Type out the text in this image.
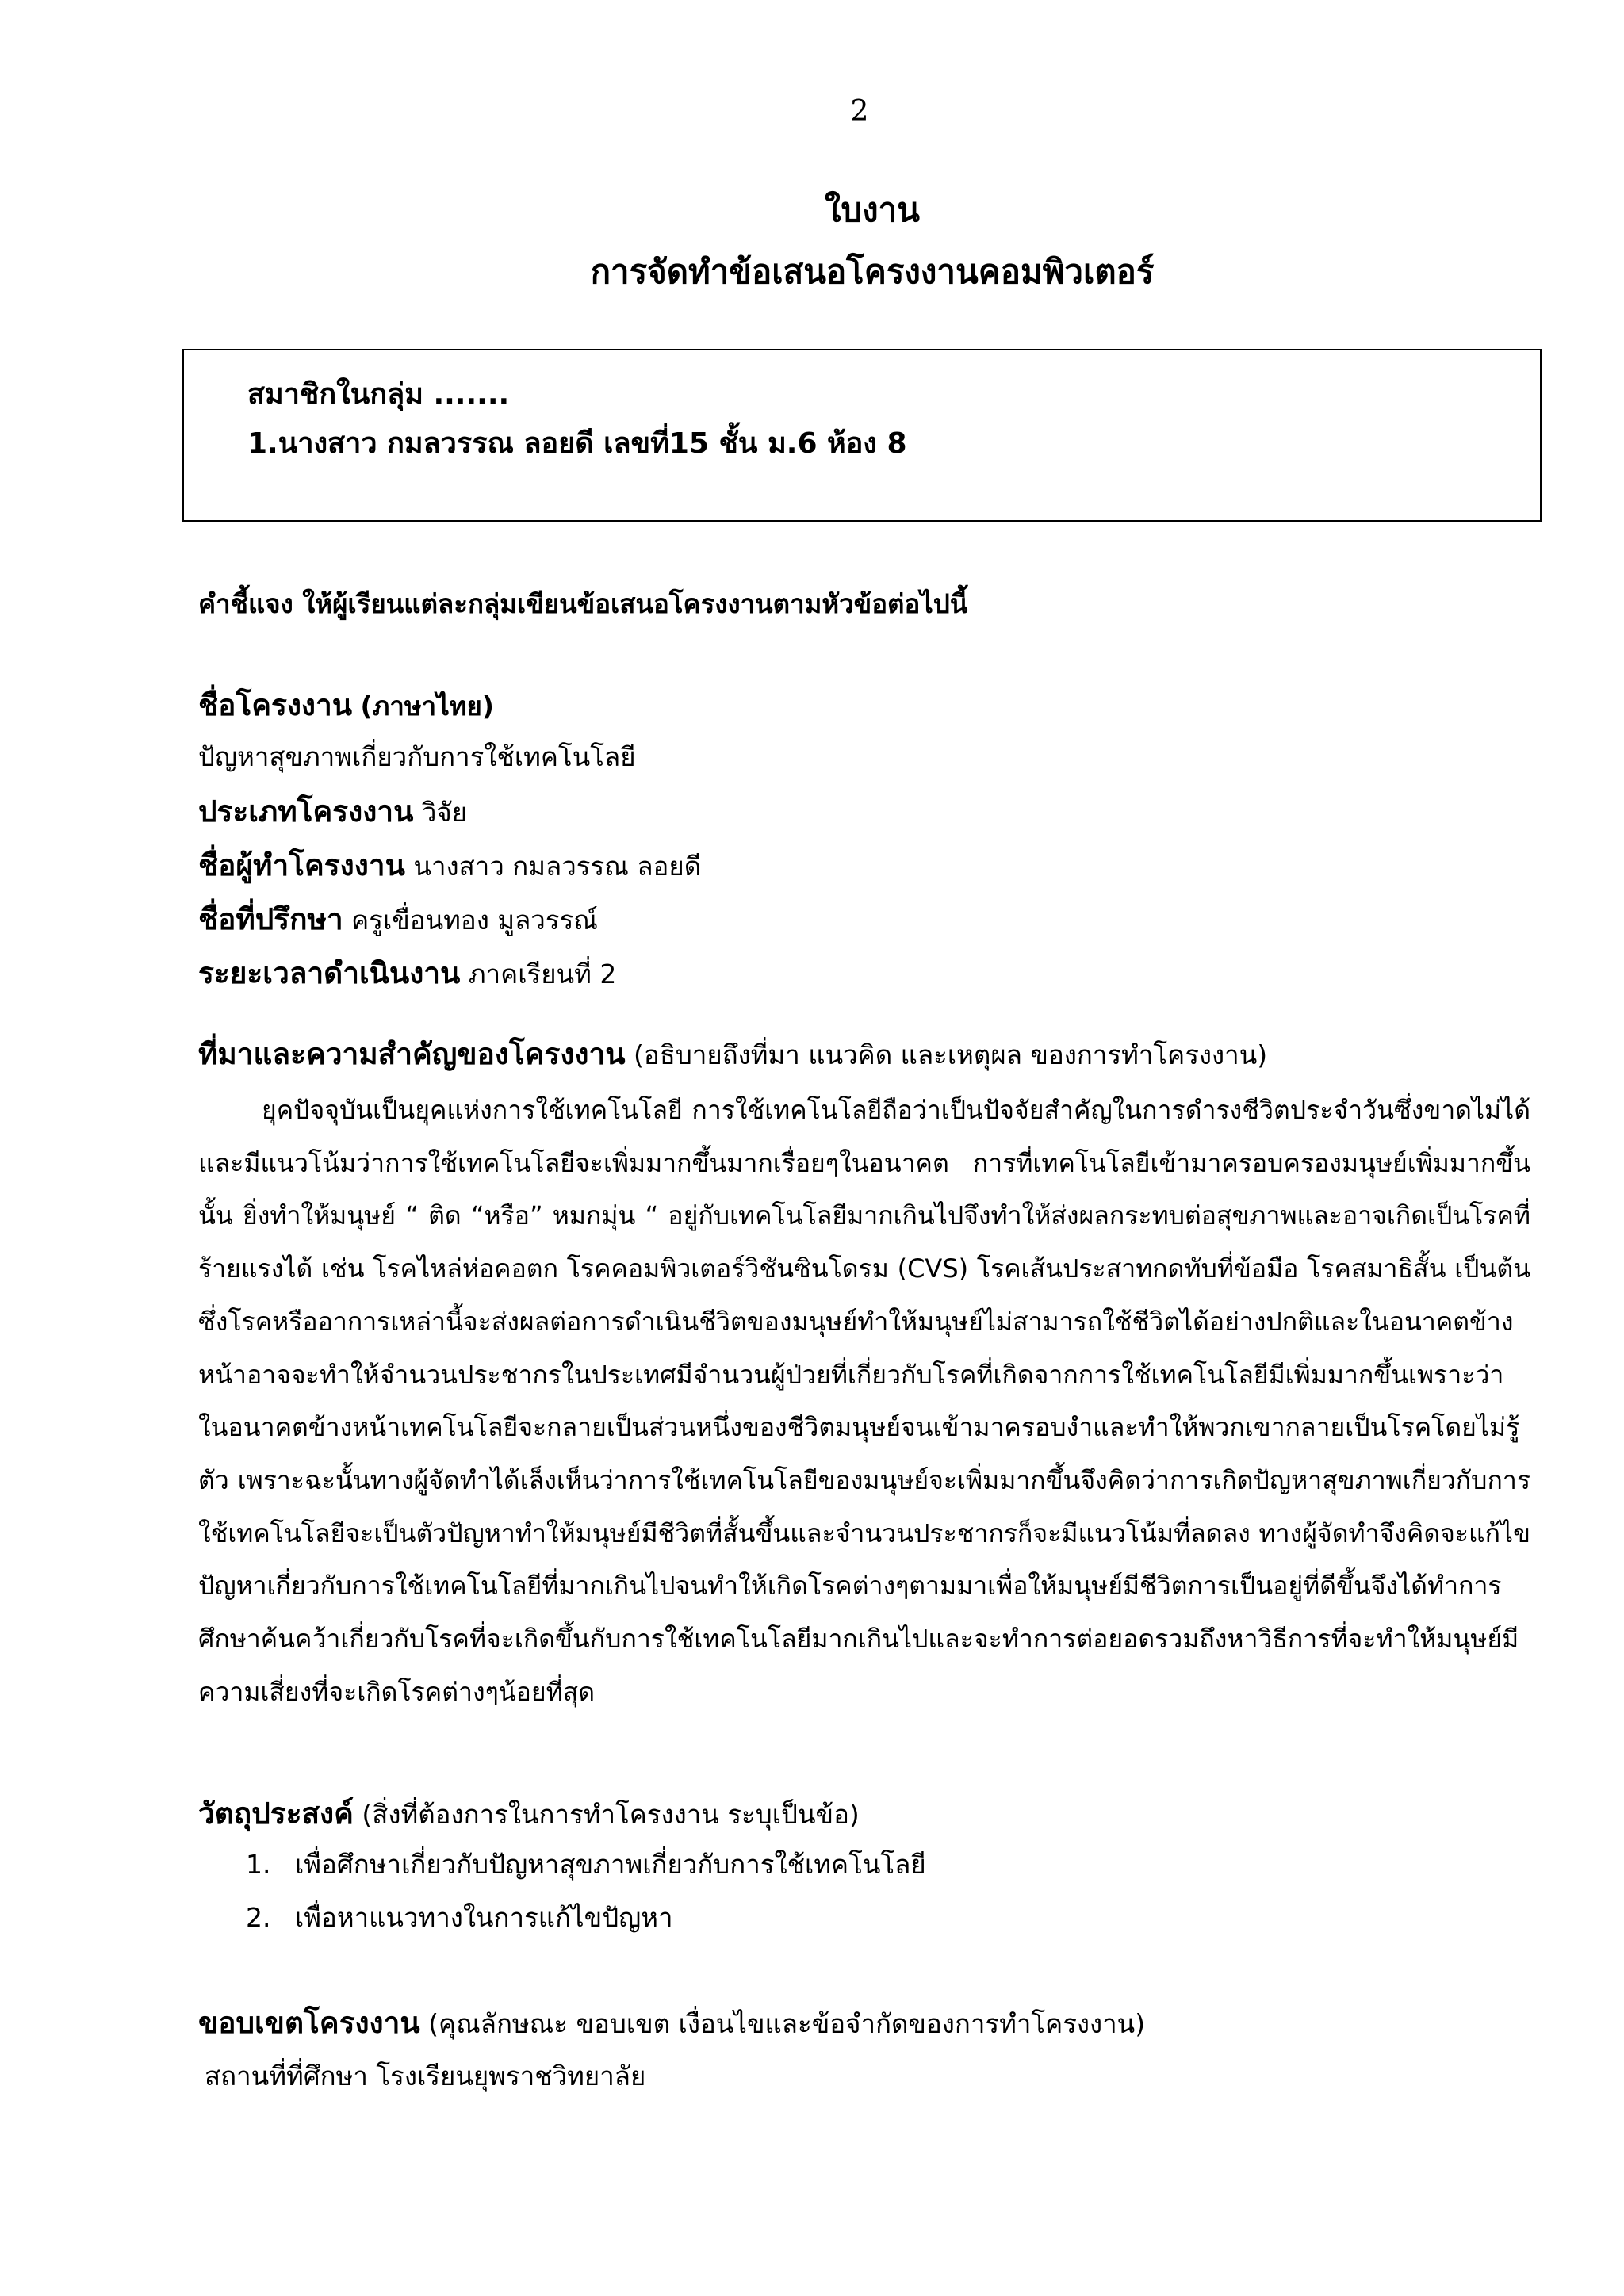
2
ใบงาน
การจัดทำข้อเสนอโครงงานคอมพิวเตอร์
สมาชิกในกลุ่ม .......
1.นางสาว กมลวรรณ ลอยดี เลขที่15 ชั้น ม.6 ห้อง 8
คำชี้แจง ให้ผู้เรียนแต่ละกลุ่มเขียนข้อเสนอโครงงานตามหัวข้อต่อไปนี้
ชื่อโครงงาน (ภาษาไทย)
ปัญหาสุขภาพเกี่ยวกับการใช้เทคโนโลยี
ประเภทโครงงาน วิจัย
ชื่อผู้ทำโครงงาน นางสาว กมลวรรณ ลอยดี
ชื่อที่ปรึกษา ครูเขื่อนทอง มูลวรรณ์
ระยะเวลาดำเนินงาน ภาคเรียนที่ 2
ที่มาและความสำคัญของโครงงาน (อธิบายถึงที่มา แนวคิด และเหตุผล ของการทำโครงงาน)
ยุคปัจจุบันเป็นยุคแห่งการใช้เทคโนโลยี การใช้เทคโนโลยีถือว่าเป็นปัจจัยสำคัญในการดำรงชีวิตประจำวันซึ่งขาดไม่ได้และมีแนวโน้มว่าการใช้เทคโนโลยีจะเพิ่มมากขึ้นมากเรื่อยๆในอนาคต การที่เทคโนโลยีเข้ามาครอบครองมนุษย์เพิ่มมากขึ้นนั้น ยิ่งทำให้มนุษย์ “ ติด “หรือ” หมกมุ่น “ อยู่กับเทคโนโลยีมากเกินไปจึงทำให้ส่งผลกระทบต่อสุขภาพและอาจเกิดเป็นโรคที่ร้ายแรงได้ เช่น โรคไหล่ห่อคอตก โรคคอมพิวเตอร์วิชันซินโดรม (CVS) โรคเส้นประสาทกดทับที่ข้อมือ โรคสมาธิสั้น เป็นต้น ซึ่งโรคหรืออาการเหล่านี้จะส่งผลต่อการดำเนินชีวิตของมนุษย์ทำให้มนุษย์ไม่สามารถใช้ชีวิตได้อย่างปกติและในอนาคตข้างหน้าอาจจะทำให้จำนวนประชากรในประเทศมีจำนวนผู้ป่วยที่เกี่ยวกับโรคที่เกิดจากการใช้เทคโนโลยีมีเพิ่มมากขึ้นเพราะว่าในอนาคตข้างหน้าเทคโนโลยีจะกลายเป็นส่วนหนึ่งของชีวิตมนุษย์จนเข้ามาครอบงำและทำให้พวกเขากลายเป็นโรคโดยไม่รู้ตัว เพราะฉะนั้นทางผู้จัดทำได้เล็งเห็นว่าการใช้เทคโนโลยีของมนุษย์จะเพิ่มมากขึ้นจึงคิดว่าการเกิดปัญหาสุขภาพเกี่ยวกับการใช้เทคโนโลยีจะเป็นตัวปัญหาทำให้มนุษย์มีชีวิตที่สั้นขึ้นและจำนวนประชากรก็จะมีแนวโน้มที่ลดลง ทางผู้จัดทำจึงคิดจะแก้ไขปัญหาเกี่ยวกับการใช้เทคโนโลยีที่มากเกินไปจนทำให้เกิดโรคต่างๆตามมาเพื่อให้มนุษย์มีชีวิตการเป็นอยู่ที่ดีขึ้นจึงได้ทำการศึกษาค้นคว้าเกี่ยวกับโรคที่จะเกิดขึ้นกับการใช้เทคโนโลยีมากเกินไปและจะทำการต่อยอดรวมถึงหาวิธีการที่จะทำให้มนุษย์มีความเสี่ยงที่จะเกิดโรคต่างๆน้อยที่สุด
วัตถุประสงค์ (สิ่งที่ต้องการในการทำโครงงาน ระบุเป็นข้อ)
1. เพื่อศึกษาเกี่ยวกับปัญหาสุขภาพเกี่ยวกับการใช้เทคโนโลยี
2. เพื่อหาแนวทางในการแก้ไขปัญหา
ขอบเขตโครงงาน (คุณลักษณะ ขอบเขต เงื่อนไขและข้อจำกัดของการทำโครงงาน)
สถานที่ที่ศึกษา โรงเรียนยุพราชวิทยาลัย
